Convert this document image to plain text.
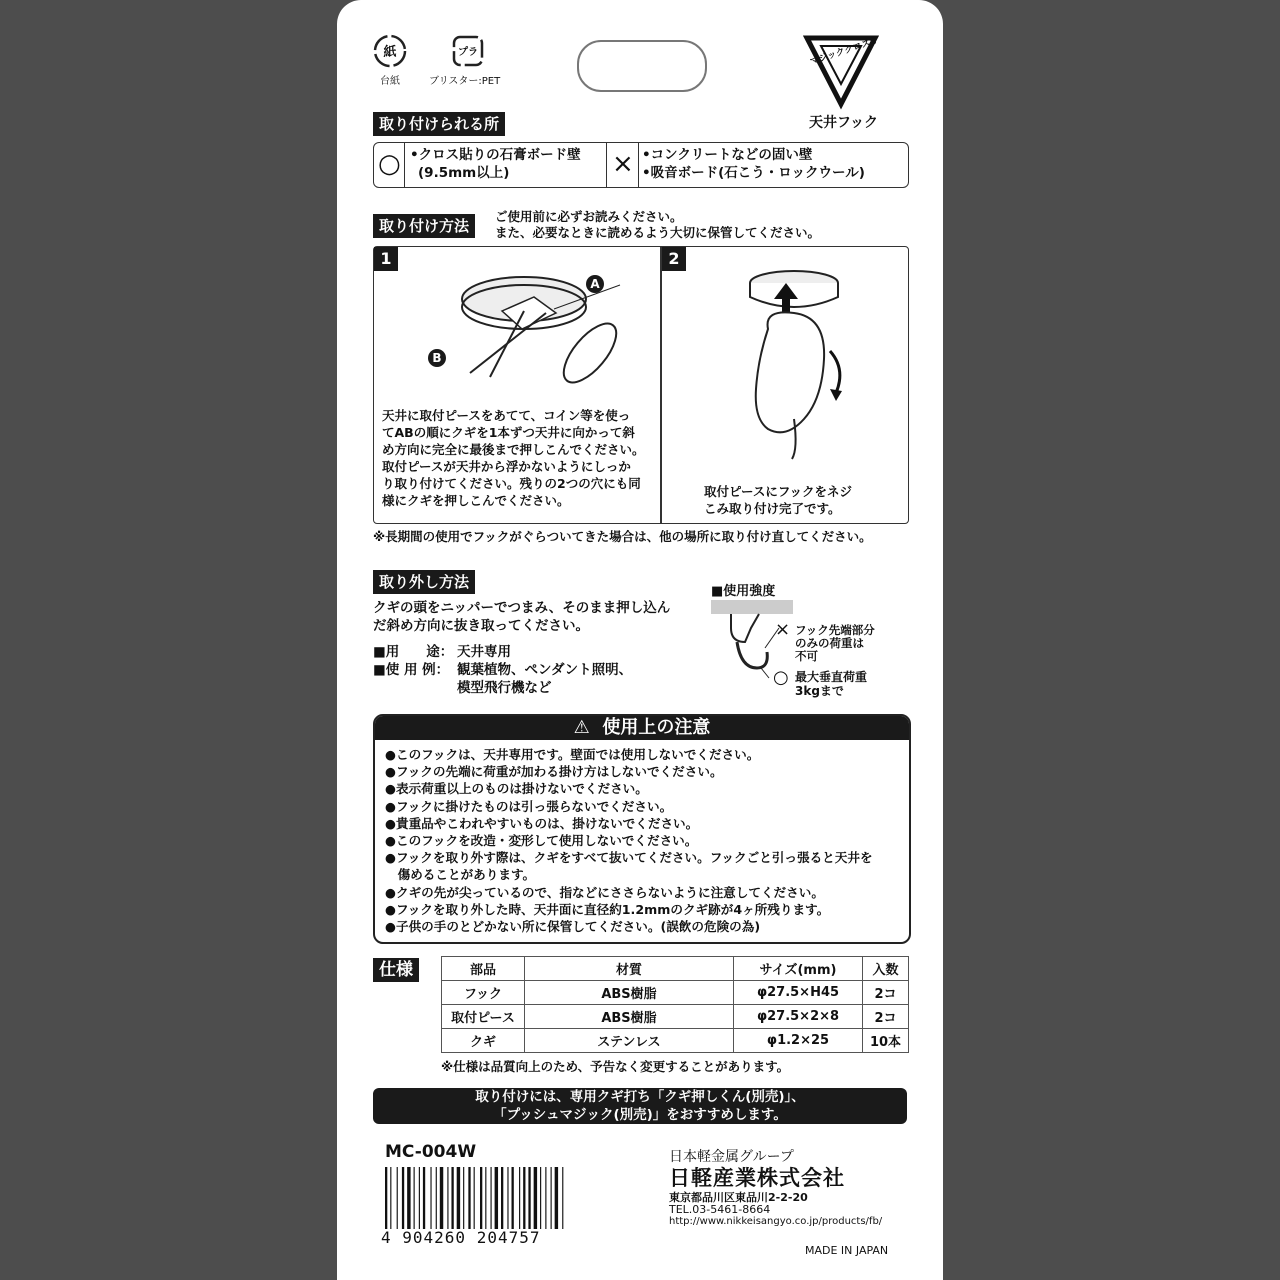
紙
台紙
プラ
ブリスター:PET
マジッククロス8
天井フック
取り付けられる所
○ •クロス貼りの石膏ボード壁
(9.5mm以上)	× •コンクリートなどの固い壁
•吸音ボード(石こう・ロックウール)
取り付け方法
ご使用前に必ずお読みください。
また、必要なときに読めるよう大切に保管してください。
1
A
B
天井に取付ピースをあてて、コイン等を使っ
てABの順にクギを1本ずつ天井に向かって斜
め方向に完全に最後まで押しこんでください。
取付ピースが天井から浮かないようにしっか
り取り付けてください。残りの2つの穴にも同
様にクギを押しこんでください。
2
取付ピースにフックをネジ
こみ取り付け完了です。
※長期間の使用でフックがぐらついてきた場合は、他の場所に取り付け直してください。
取り外し方法
クギの頭をニッパーでつまみ、そのまま押し込ん
だ斜め方向に抜き取ってください。
■用　　途： 天井専用
■使 用 例： 観葉植物、ペンダント照明、
模型飛行機など
■使用強度
× フック先端部分
のみの荷重は
不可
○ 最大垂直荷重
3kgまで
⚠ 使用上の注意
●このフックは、天井専用です。壁面では使用しないでください。
●フックの先端に荷重が加わる掛け方はしないでください。
●表示荷重以上のものは掛けないでください。
●フックに掛けたものは引っ張らないでください。
●貴重品やこわれやすいものは、掛けないでください。
●このフックを改造・変形して使用しないでください。
●フックを取り外す際は、クギをすべて抜いてください。フックごと引っ張ると天井を
　傷めることがあります。
●クギの先が尖っているので、指などにささらないように注意してください。
●フックを取り外した時、天井面に直径約1.2mmのクギ跡が4ヶ所残ります。
●子供の手のとどかない所に保管してください。(誤飲の危険の為)
仕様	部品	材質	サイズ(mm)	入数
フック	ABS樹脂	φ27.5×H45	2コ
取付ピース	ABS樹脂	φ27.5×2×8	2コ
クギ	ステンレス	φ1.2×25	10本
※仕様は品質向上のため、予告なく変更することがあります。
取り付けには、専用クギ打ち「クギ押しくん(別売)」、
「プッシュマジック(別売)」をおすすめします。
MC-004W
4 904260 204757
日本軽金属グループ
日軽産業株式会社
東京都品川区東品川2-2-20
TEL.03-5461-8664
http://www.nikkeisangyo.co.jp/products/fb/
MADE IN JAPAN
